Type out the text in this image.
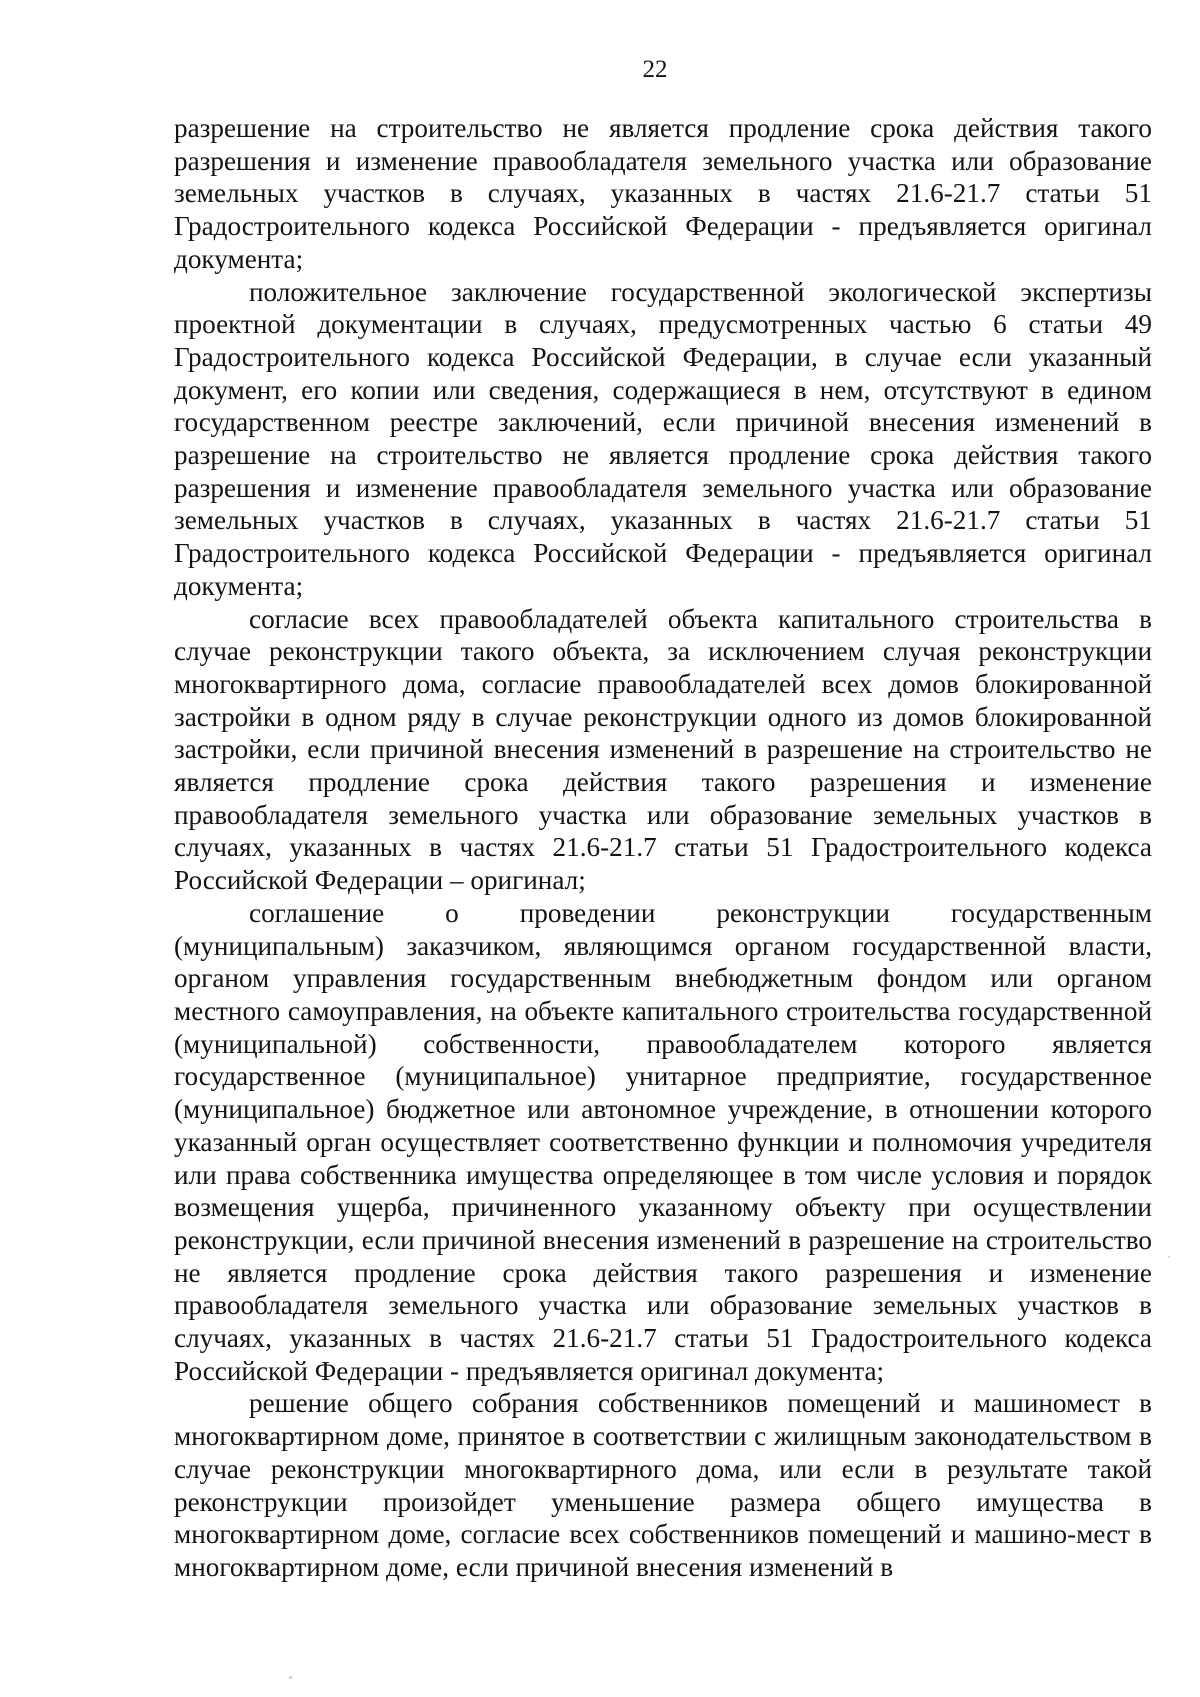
22

разрешение на строительство не является продление срока действия такого разрешения и изменение правообладателя земельного участка или образование земельных участков в случаях, указанных в частях 21.6-21.7 статьи 51 Градостроительного кодекса Российской Федерации - предъявляется оригинал документа;

положительное заключение государственной экологической экспертизы проектной документации в случаях, предусмотренных частью 6 статьи 49 Градостроительного кодекса Российской Федерации, в случае если указанный документ, его копии или сведения, содержащиеся в нем, отсутствуют в едином государственном реестре заключений, если причиной внесения изменений в разрешение на строительство не является продление срока действия такого разрешения и изменение правообладателя земельного участка или образование земельных участков в случаях, указанных в частях 21.6-21.7 статьи 51 Градостроительного кодекса Российской Федерации - предъявляется оригинал документа;

согласие всех правообладателей объекта капитального строительства в случае реконструкции такого объекта, за исключением случая реконструкции многоквартирного дома, согласие правообладателей всех домов блокированной застройки в одном ряду в случае реконструкции одного из домов блокированной застройки, если причиной внесения изменений в разрешение на строительство не является продление срока действия такого разрешения и изменение правообладателя земельного участка или образование земельных участков в случаях, указанных в частях 21.6-21.7 статьи 51 Градостроительного кодекса Российской Федерации – оригинал;

соглашение о проведении реконструкции государственным (муниципальным) заказчиком, являющимся органом государственной власти, органом управления государственным внебюджетным фондом или органом местного самоуправления, на объекте капитального строительства государственной (муниципальной) собственности, правообладателем которого является государственное (муниципальное) унитарное предприятие, государственное (муниципальное) бюджетное или автономное учреждение, в отношении которого указанный орган осуществляет соответственно функции и полномочия учредителя или права собственника имущества определяющее в том числе условия и порядок возмещения ущерба, причиненного указанному объекту при осуществлении реконструкции, если причиной внесения изменений в разрешение на строительство не является продление срока действия такого разрешения и изменение правообладателя земельного участка или образование земельных участков в случаях, указанных в частях 21.6-21.7 статьи 51 Градостроительного кодекса Российской Федерации - предъявляется оригинал документа;

решение общего собрания собственников помещений и машиномест в многоквартирном доме, принятое в соответствии с жилищным законодательством в случае реконструкции многоквартирного дома, или если в результате такой реконструкции произойдет уменьшение размера общего имущества в многоквартирном доме, согласие всех собственников помещений и машино-мест в многоквартирном доме, если причиной внесения изменений в
